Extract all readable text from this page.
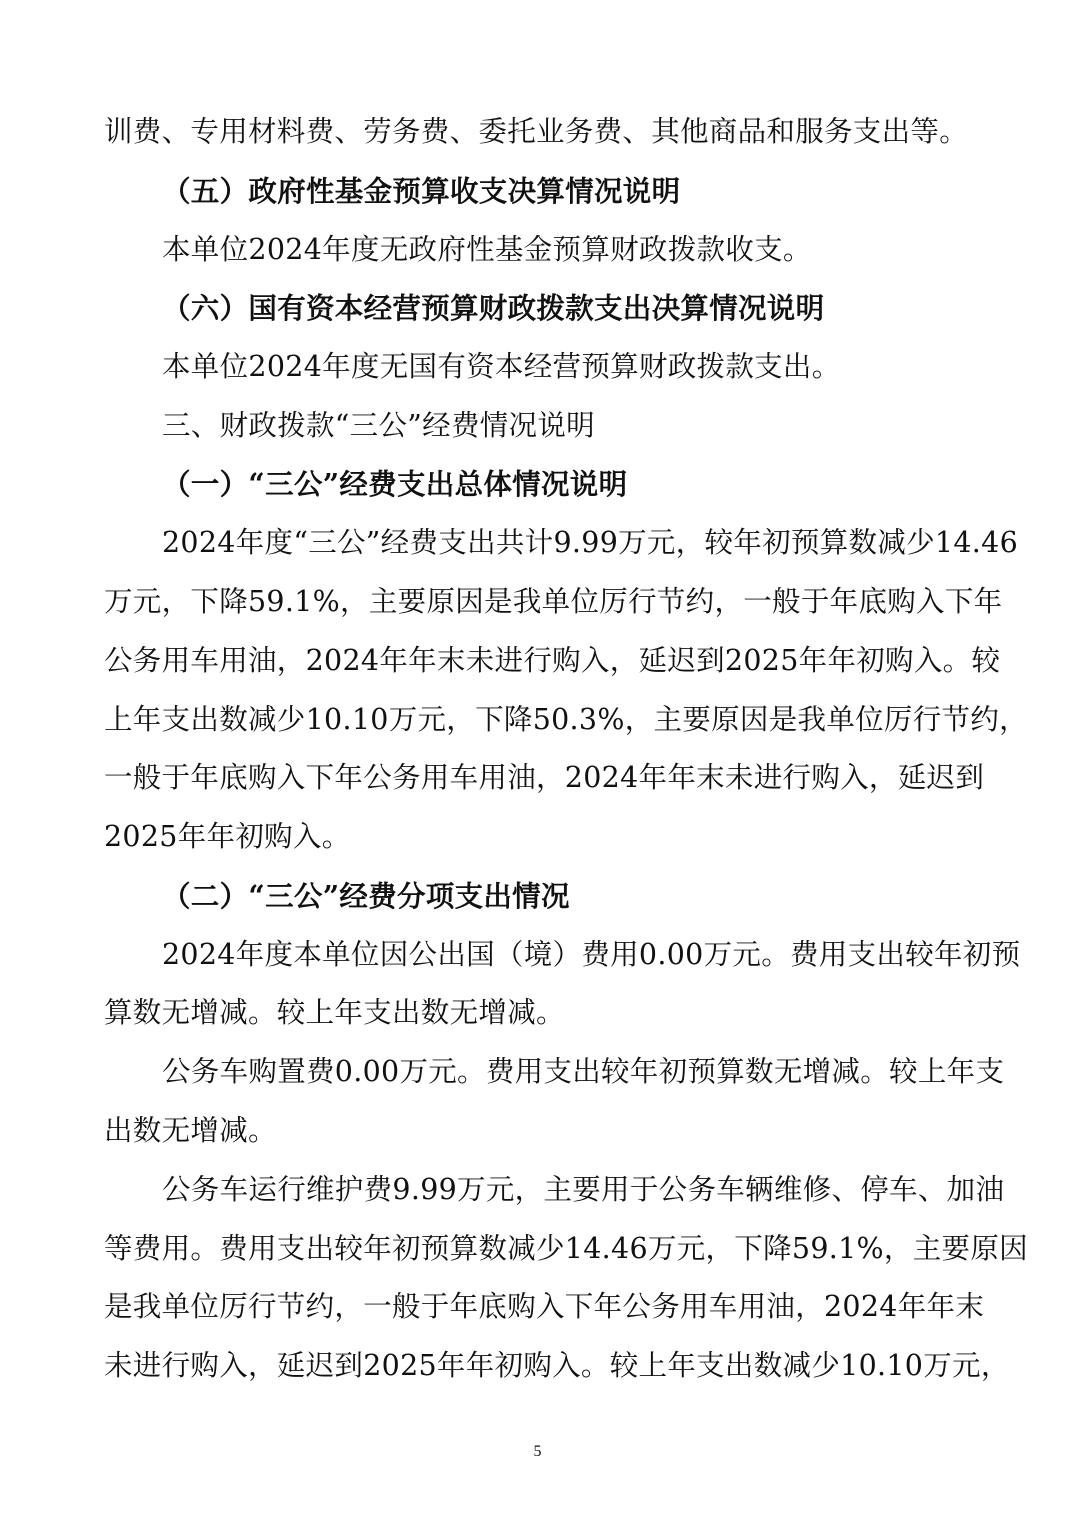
训费、专用材料费、劳务费、委托业务费、其他商品和服务支出等。
（五）政府性基金预算收支决算情况说明
本单位2024年度无政府性基金预算财政拨款收支。
（六）国有资本经营预算财政拨款支出决算情况说明
本单位2024年度无国有资本经营预算财政拨款支出。
三、财政拨款“三公”经费情况说明
（一）“三公”经费支出总体情况说明
2024年度“三公”经费支出共计9.99万元，较年初预算数减少14.46
万元，下降59.1%，主要原因是我单位厉行节约，一般于年底购入下年
公务用车用油，2024年年末未进行购入，延迟到2025年年初购入。较
上年支出数减少10.10万元，下降50.3%，主要原因是我单位厉行节约，
一般于年底购入下年公务用车用油，2024年年末未进行购入，延迟到
2025年年初购入。
（二）“三公”经费分项支出情况
2024年度本单位因公出国（境）费用0.00万元。费用支出较年初预
算数无增减。较上年支出数无增减。
公务车购置费0.00万元。费用支出较年初预算数无增减。较上年支
出数无增减。
公务车运行维护费9.99万元，主要用于公务车辆维修、停车、加油
等费用。费用支出较年初预算数减少14.46万元，下降59.1%，主要原因
是我单位厉行节约，一般于年底购入下年公务用车用油，2024年年末
未进行购入，延迟到2025年年初购入。较上年支出数减少10.10万元，
5
